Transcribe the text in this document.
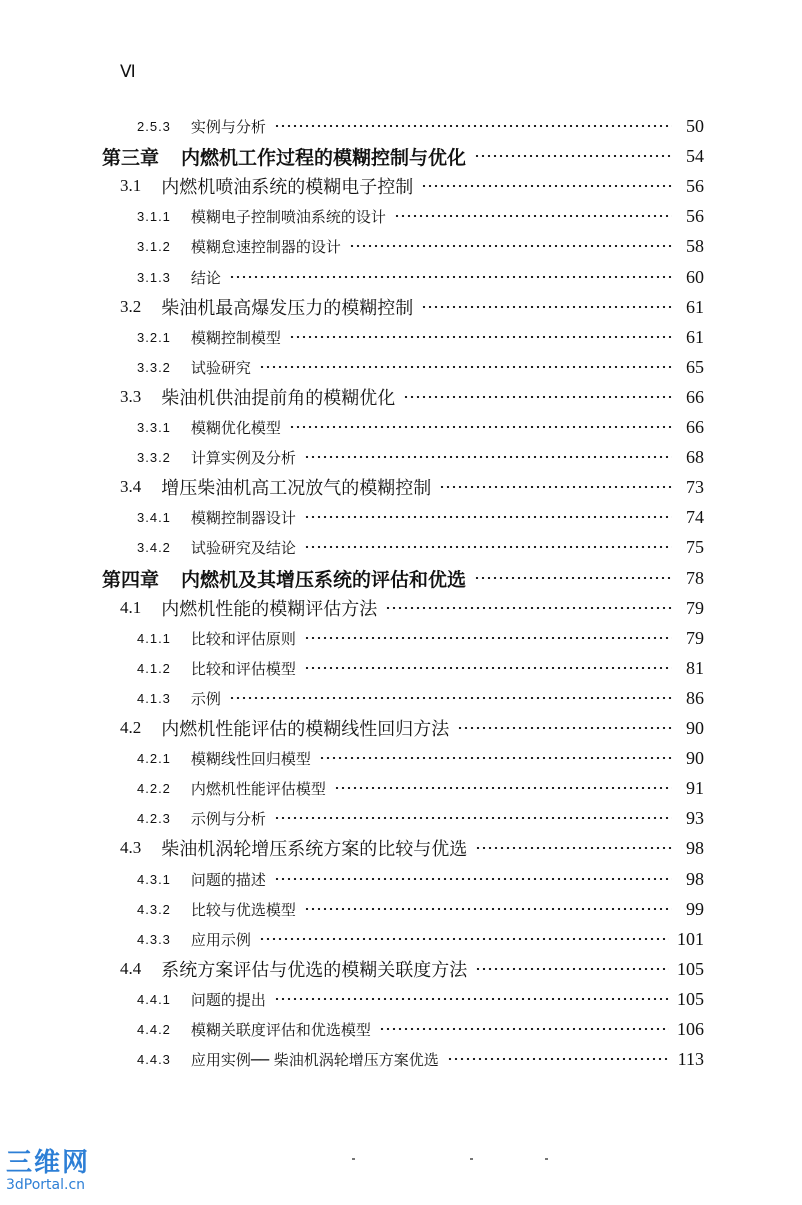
Ⅵ
2.5.3 实例与分析	50
第三章 内燃机工作过程的模糊控制与优化	54
3.1 内燃机喷油系统的模糊电子控制	56
3.1.1 模糊电子控制喷油系统的设计	56
3.1.2 模糊怠速控制器的设计	58
3.1.3 结论	60
3.2 柴油机最高爆发压力的模糊控制	61
3.2.1 模糊控制模型	61
3.3.2 试验研究	65
3.3 柴油机供油提前角的模糊优化	66
3.3.1 模糊优化模型	66
3.3.2 计算实例及分析	68
3.4 增压柴油机高工况放气的模糊控制	73
3.4.1 模糊控制器设计	74
3.4.2 试验研究及结论	75
第四章 内燃机及其增压系统的评估和优选	78
4.1 内燃机性能的模糊评估方法	79
4.1.1 比较和评估原则	79
4.1.2 比较和评估模型	81
4.1.3 示例	86
4.2 内燃机性能评估的模糊线性回归方法	90
4.2.1 模糊线性回归模型	90
4.2.2 内燃机性能评估模型	91
4.2.3 示例与分析	93
4.3 柴油机涡轮增压系统方案的比较与优选	98
4.3.1 问题的描述	98
4.3.2 比较与优选模型	99
4.3.3 应用示例	101
4.4 系统方案评估与优选的模糊关联度方法	105
4.4.1 问题的提出	105
4.4.2 模糊关联度评估和优选模型	106
4.4.3 应用实例── 柴油机涡轮增压方案优选	113
三维网
3dPortal.cn
